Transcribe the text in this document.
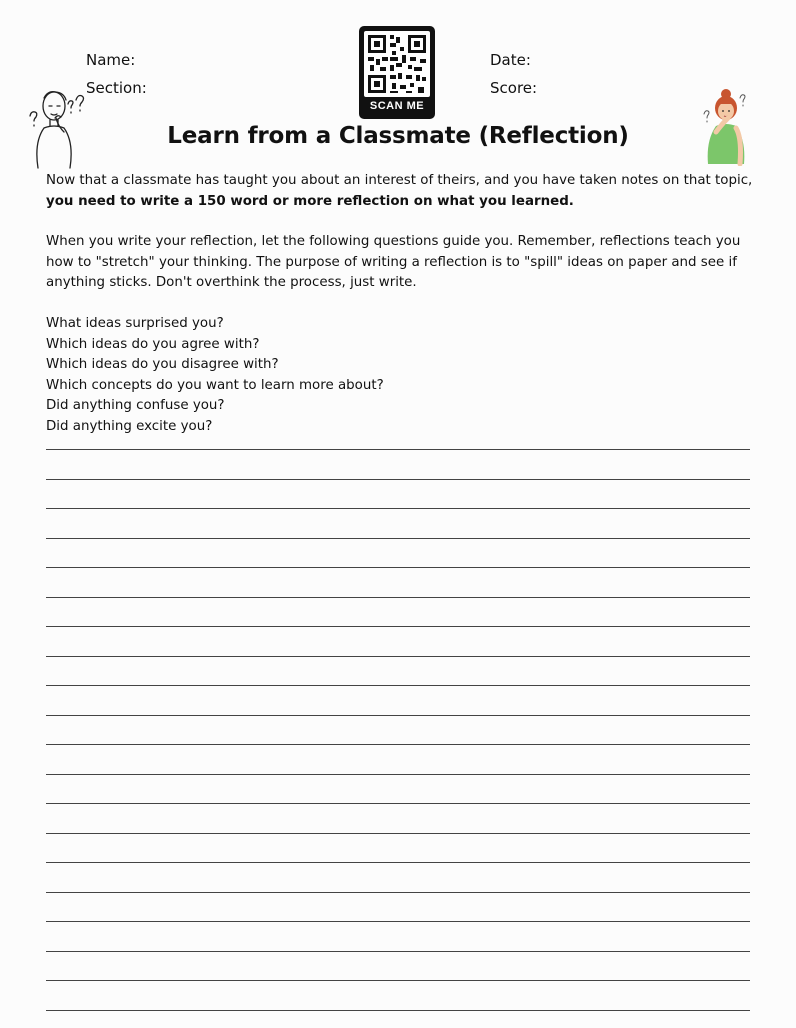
Name:
Section:
Date:
Score:
SCAN ME
Learn from a Classmate (Reflection)

Now that a classmate has taught you about an interest of theirs, and you have taken notes on that topic, you need to write a 150 word or more reflection on what you learned.

When you write your reflection, let the following questions guide you. Remember, reflections teach you how to "stretch" your thinking. The purpose of writing a reflection is to "spill" ideas on paper and see if anything sticks. Don't overthink the process, just write.

What ideas surprised you?
Which ideas do you agree with?
Which ideas do you disagree with?
Which concepts do you want to learn more about?
Did anything confuse you?
Did anything excite you?
